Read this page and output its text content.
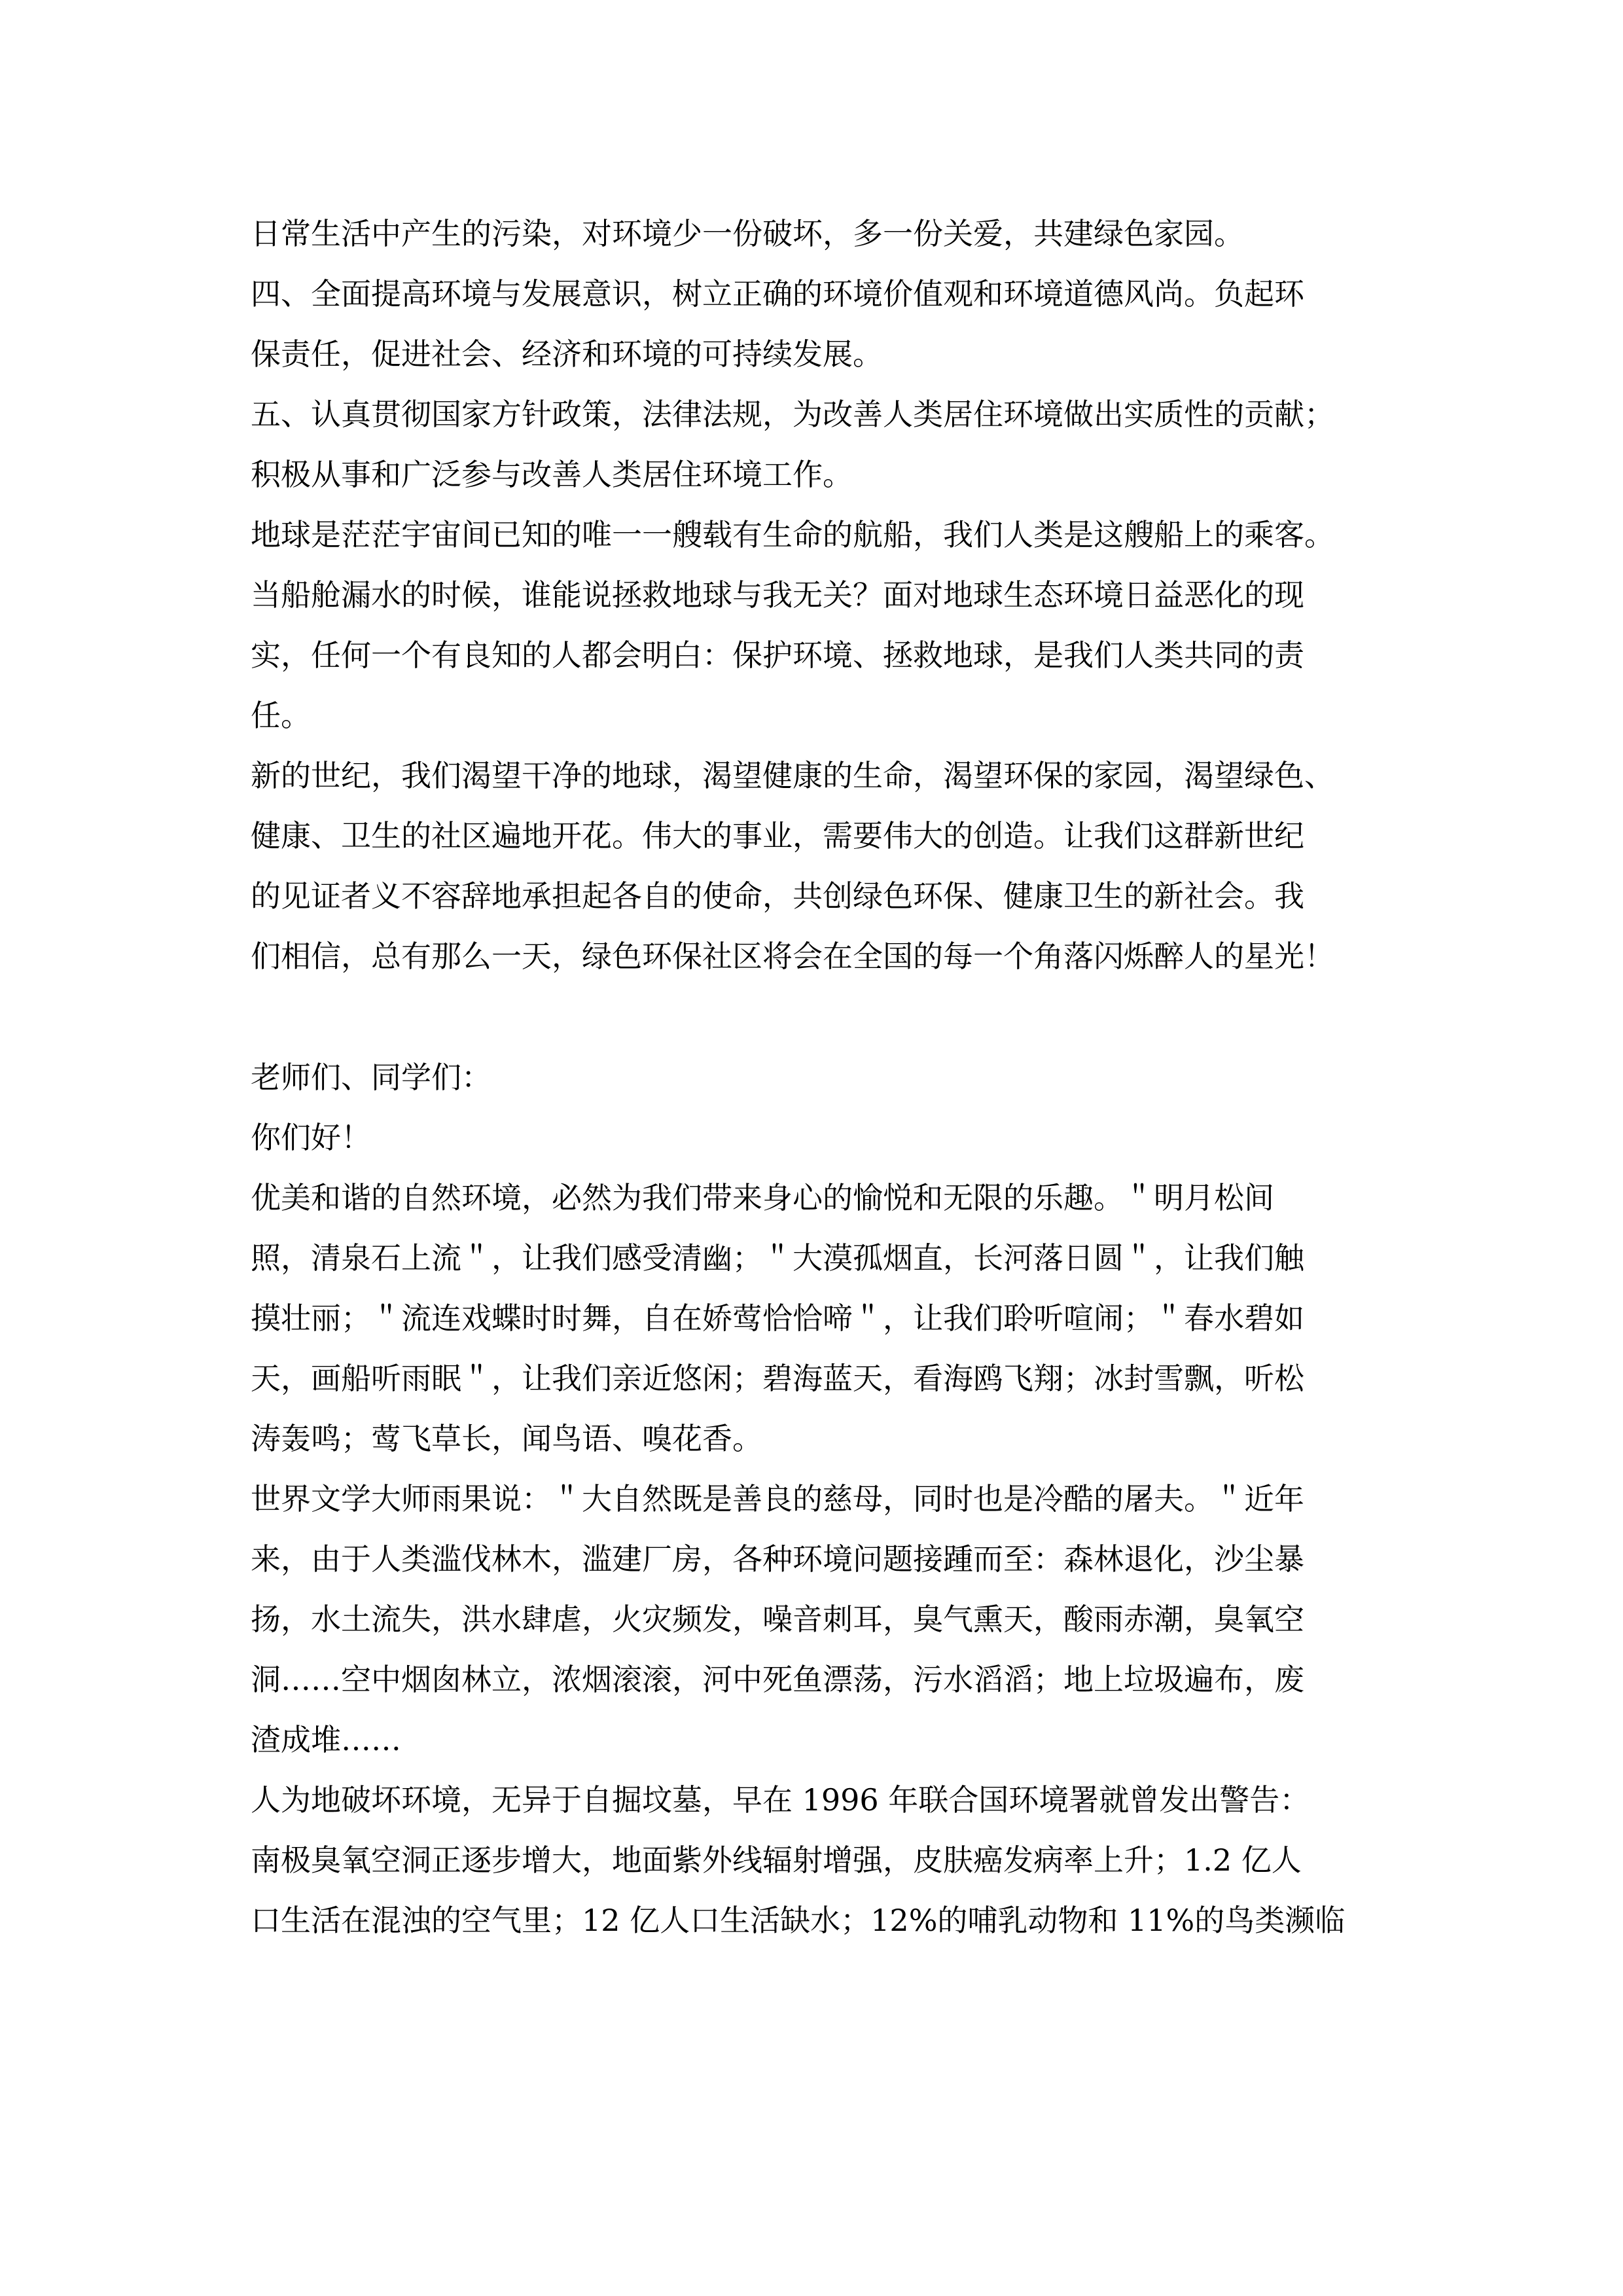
日常生活中产生的污染，对环境少一份破坏，多一份关爱，共建绿色家园。
四、全面提高环境与发展意识，树立正确的环境价值观和环境道德风尚。负起环
保责任，促进社会、经济和环境的可持续发展。
五、认真贯彻国家方针政策，法律法规，为改善人类居住环境做出实质性的贡献；
积极从事和广泛参与改善人类居住环境工作。
地球是茫茫宇宙间已知的唯一一艘载有生命的航船，我们人类是这艘船上的乘客。
当船舱漏水的时候，谁能说拯救地球与我无关？面对地球生态环境日益恶化的现
实，任何一个有良知的人都会明白：保护环境、拯救地球，是我们人类共同的责
任。
新的世纪，我们渴望干净的地球，渴望健康的生命，渴望环保的家园，渴望绿色、
健康、卫生的社区遍地开花。伟大的事业，需要伟大的创造。让我们这群新世纪
的见证者义不容辞地承担起各自的使命，共创绿色环保、健康卫生的新社会。我
们相信，总有那么一天，绿色环保社区将会在全国的每一个角落闪烁醉人的星光！
老师们、同学们：
你们好！
优美和谐的自然环境，必然为我们带来身心的愉悦和无限的乐趣。＂明月松间
照，清泉石上流＂，让我们感受清幽；＂大漠孤烟直，长河落日圆＂，让我们触
摸壮丽；＂流连戏蝶时时舞，自在娇莺恰恰啼＂，让我们聆听喧闹；＂春水碧如
天，画船听雨眠＂，让我们亲近悠闲；碧海蓝天，看海鸥飞翔；冰封雪飘，听松
涛轰鸣；莺飞草长，闻鸟语、嗅花香。
世界文学大师雨果说：＂大自然既是善良的慈母，同时也是冷酷的屠夫。＂近年
来，由于人类滥伐林木，滥建厂房，各种环境问题接踵而至：森林退化，沙尘暴
扬，水土流失，洪水肆虐，火灾频发，噪音刺耳，臭气熏天，酸雨赤潮，臭氧空
洞……空中烟囱林立，浓烟滚滚，河中死鱼漂荡，污水滔滔；地上垃圾遍布，废
渣成堆……
人为地破坏环境，无异于自掘坟墓，早在 1996 年联合国环境署就曾发出警告：
南极臭氧空洞正逐步增大，地面紫外线辐射增强，皮肤癌发病率上升；1.2 亿人
口生活在混浊的空气里；12 亿人口生活缺水；12%的哺乳动物和 11%的鸟类濒临
